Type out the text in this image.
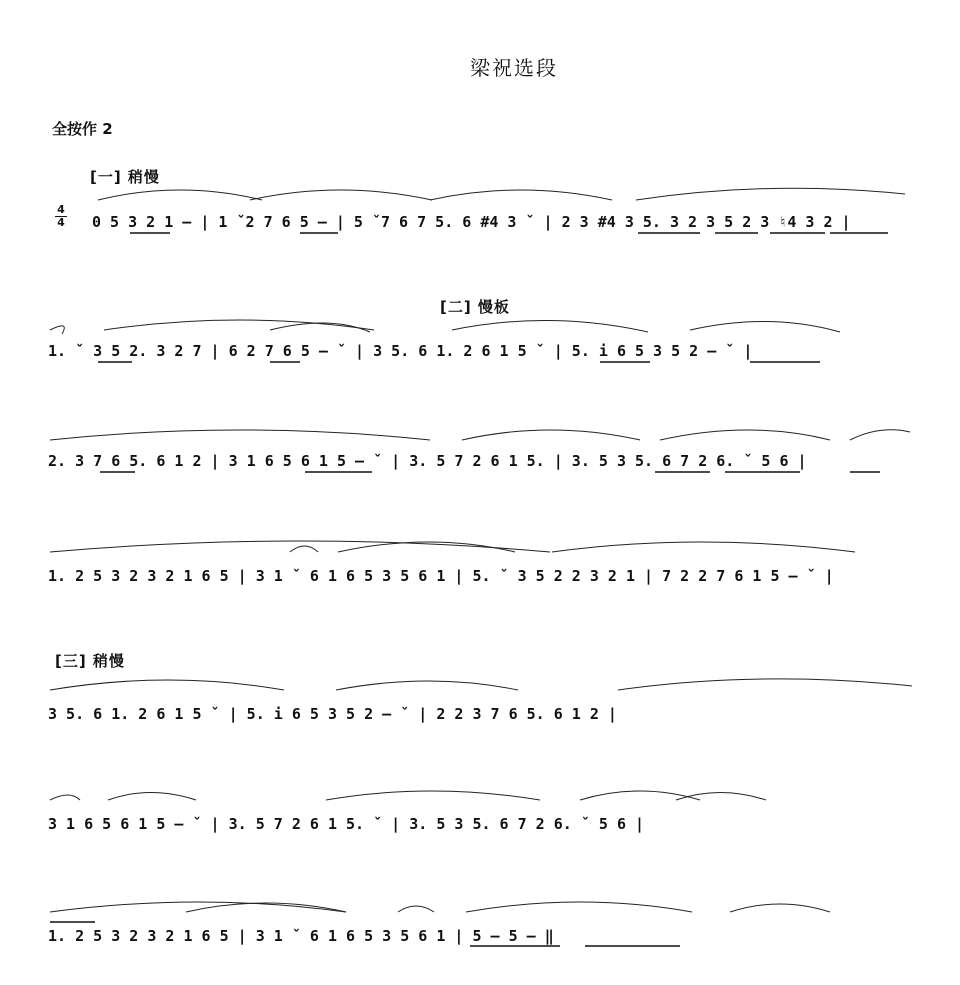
梁祝选段
全按作 2
[一] 稍慢
[二] 慢板
[三] 稍慢
4
4 0 5 3 2 1 — | 1 ˇ2 7 6 5 — | 5 ˇ7 6 7 5. 6 #4 3 ˇ | 2 3 #4 3 5. 3 2 3 5 2 3 ♮4 3 2 |
1. ˇ 3 5 2. 3 2 7 | 6 2 7 6 5 — ˇ | 3 5. 6 1. 2 6 1 5 ˇ | 5. i 6 5 3 5 2 — ˇ |
2. 3 7 6 5. 6 1 2 | 3 1 6 5 6 1 5 — ˇ | 3. 5 7 2 6 1 5. | 3. 5 3 5. 6 7 2 6. ˇ 5 6 |
1. 2 5 3 2 3 2 1 6 5 | 3 1 ˇ 6 1 6 5 3 5 6 1 | 5. ˇ 3 5 2 2 3 2 1 | 7 2 2 7 6 1 5 — ˇ |
3 5. 6 1. 2 6 1 5 ˇ | 5. i 6 5 3 5 2 — ˇ | 2 2 3 7 6 5. 6 1 2 |
3 1 6 5 6 1 5 — ˇ | 3. 5 7 2 6 1 5. ˇ | 3. 5 3 5. 6 7 2 6. ˇ 5 6 |
1. 2 5 3 2 3 2 1 6 5 | 3 1 ˇ 6 1 6 5 3 5 6 1 | 5 — 5 — ‖
